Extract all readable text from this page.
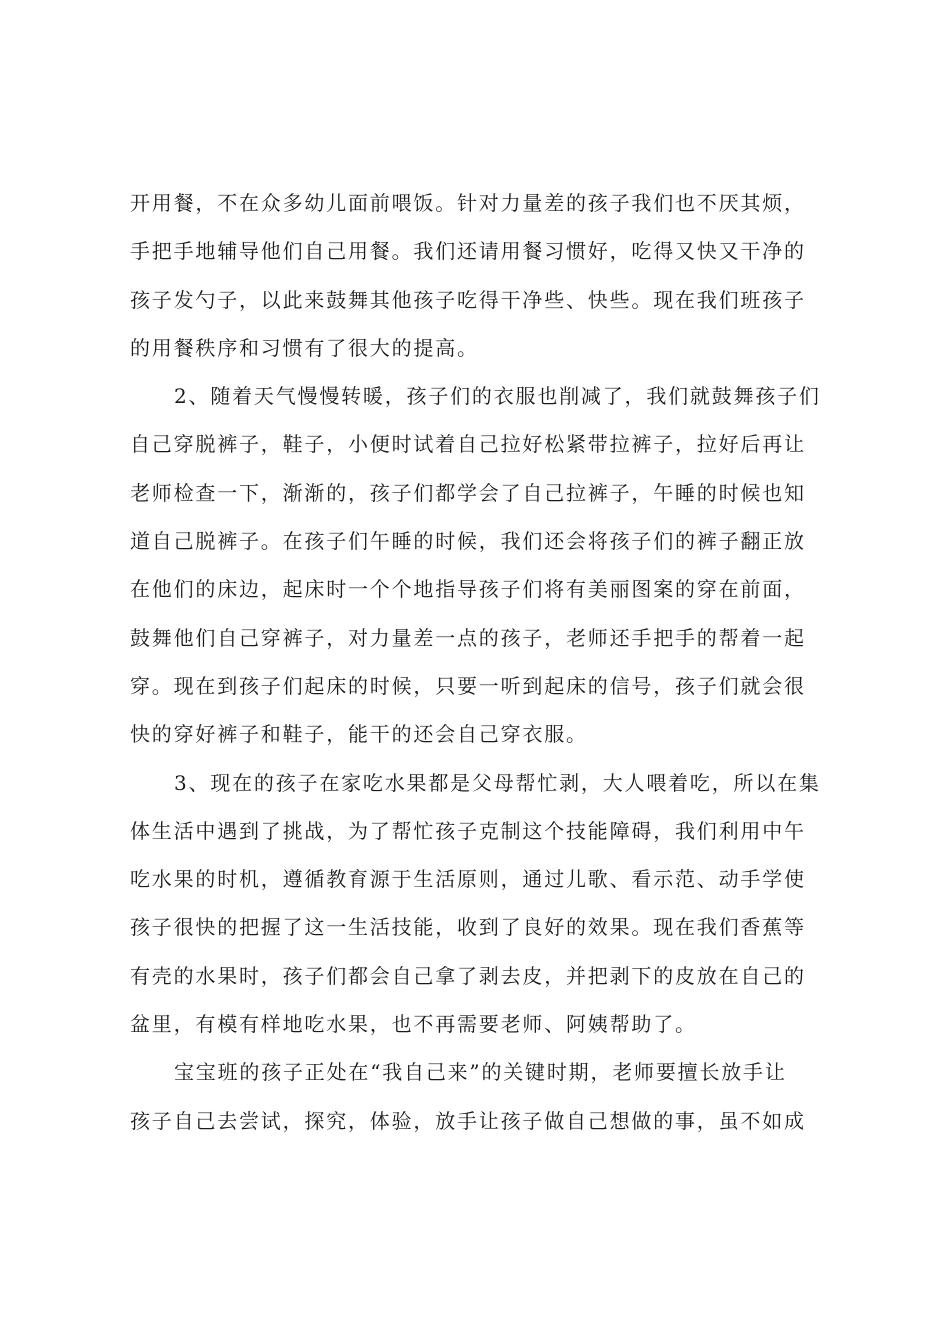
开用餐，不在众多幼儿面前喂饭。针对力量差的孩子我们也不厌其烦，
手把手地辅导他们自己用餐。我们还请用餐习惯好，吃得又快又干净的
孩子发勺子，以此来鼓舞其他孩子吃得干净些、快些。现在我们班孩子
的用餐秩序和习惯有了很大的提高。
2、随着天气慢慢转暖，孩子们的衣服也削减了，我们就鼓舞孩子们
自己穿脱裤子，鞋子，小便时试着自己拉好松紧带拉裤子，拉好后再让
老师检查一下，渐渐的，孩子们都学会了自己拉裤子，午睡的时候也知
道自己脱裤子。在孩子们午睡的时候，我们还会将孩子们的裤子翻正放
在他们的床边，起床时一个个地指导孩子们将有美丽图案的穿在前面，
鼓舞他们自己穿裤子，对力量差一点的孩子，老师还手把手的帮着一起
穿。现在到孩子们起床的时候，只要一听到起床的信号，孩子们就会很
快的穿好裤子和鞋子，能干的还会自己穿衣服。
3、现在的孩子在家吃水果都是父母帮忙剥，大人喂着吃，所以在集
体生活中遇到了挑战，为了帮忙孩子克制这个技能障碍，我们利用中午
吃水果的时机，遵循教育源于生活原则，通过儿歌、看示范、动手学使
孩子很快的把握了这一生活技能，收到了良好的效果。现在我们香蕉等
有壳的水果时，孩子们都会自己拿了剥去皮，并把剥下的皮放在自己的
盆里，有模有样地吃水果，也不再需要老师、阿姨帮助了。
宝宝班的孩子正处在“我自己来”的关键时期，老师要擅长放手让
孩子自己去尝试，探究，体验，放手让孩子做自己想做的事，虽不如成
